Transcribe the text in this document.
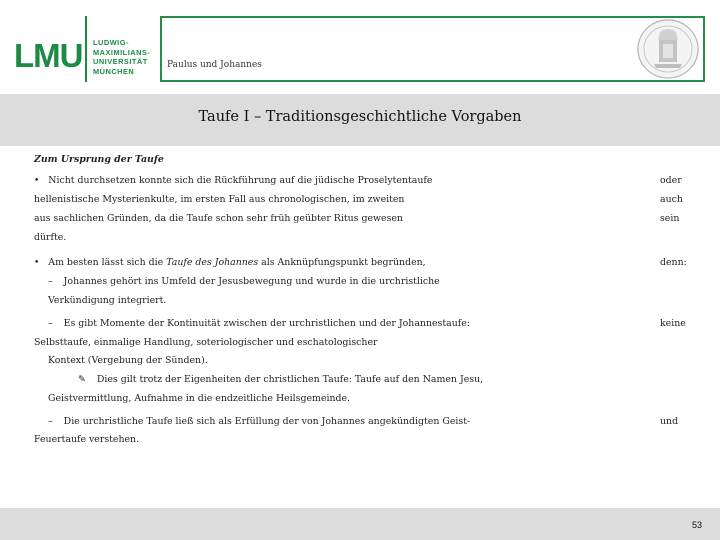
LMU LUDWIG-
MAXIMILIANS-
UNIVERSITÄT
MÜNCHEN
Paulus und Johannes
Taufe I – Traditionsgeschichtliche Vorgaben
Zum Ursprung der Taufe
• Nicht durchsetzen konnte sich die Rückführung auf die jüdische Proselytentaufe
hellenistische Mysterienkulte, im ersten Fall aus chronologischen, im zweiten
aus sachlichen Gründen, da die Taufe schon sehr früh geübter Ritus gewesen
dürfte.
• Am besten lässt sich die Taufe des Johannes als Anknüpfungspunkt begründen,
– Johannes gehört ins Umfeld der Jesusbewegung und wurde in die urchristliche
Verkündigung integriert.
– Es gibt Momente der Kontinuität zwischen der urchristlichen und der Johannestaufe:
Selbsttaufe, einmalige Handlung, soteriologischer und eschatologischer
Kontext (Vergebung der Sünden).
✎ Dies gilt trotz der Eigenheiten der christlichen Taufe: Taufe auf den Namen Jesu,
Geistvermittlung, Aufnahme in die endzeitliche Heilsgemeinde.
– Die urchristliche Taufe ließ sich als Erfüllung der von Johannes angekündigten Geist-
Feuertaufe verstehen.
oder
auch
sein
denn:
keine
und
53
